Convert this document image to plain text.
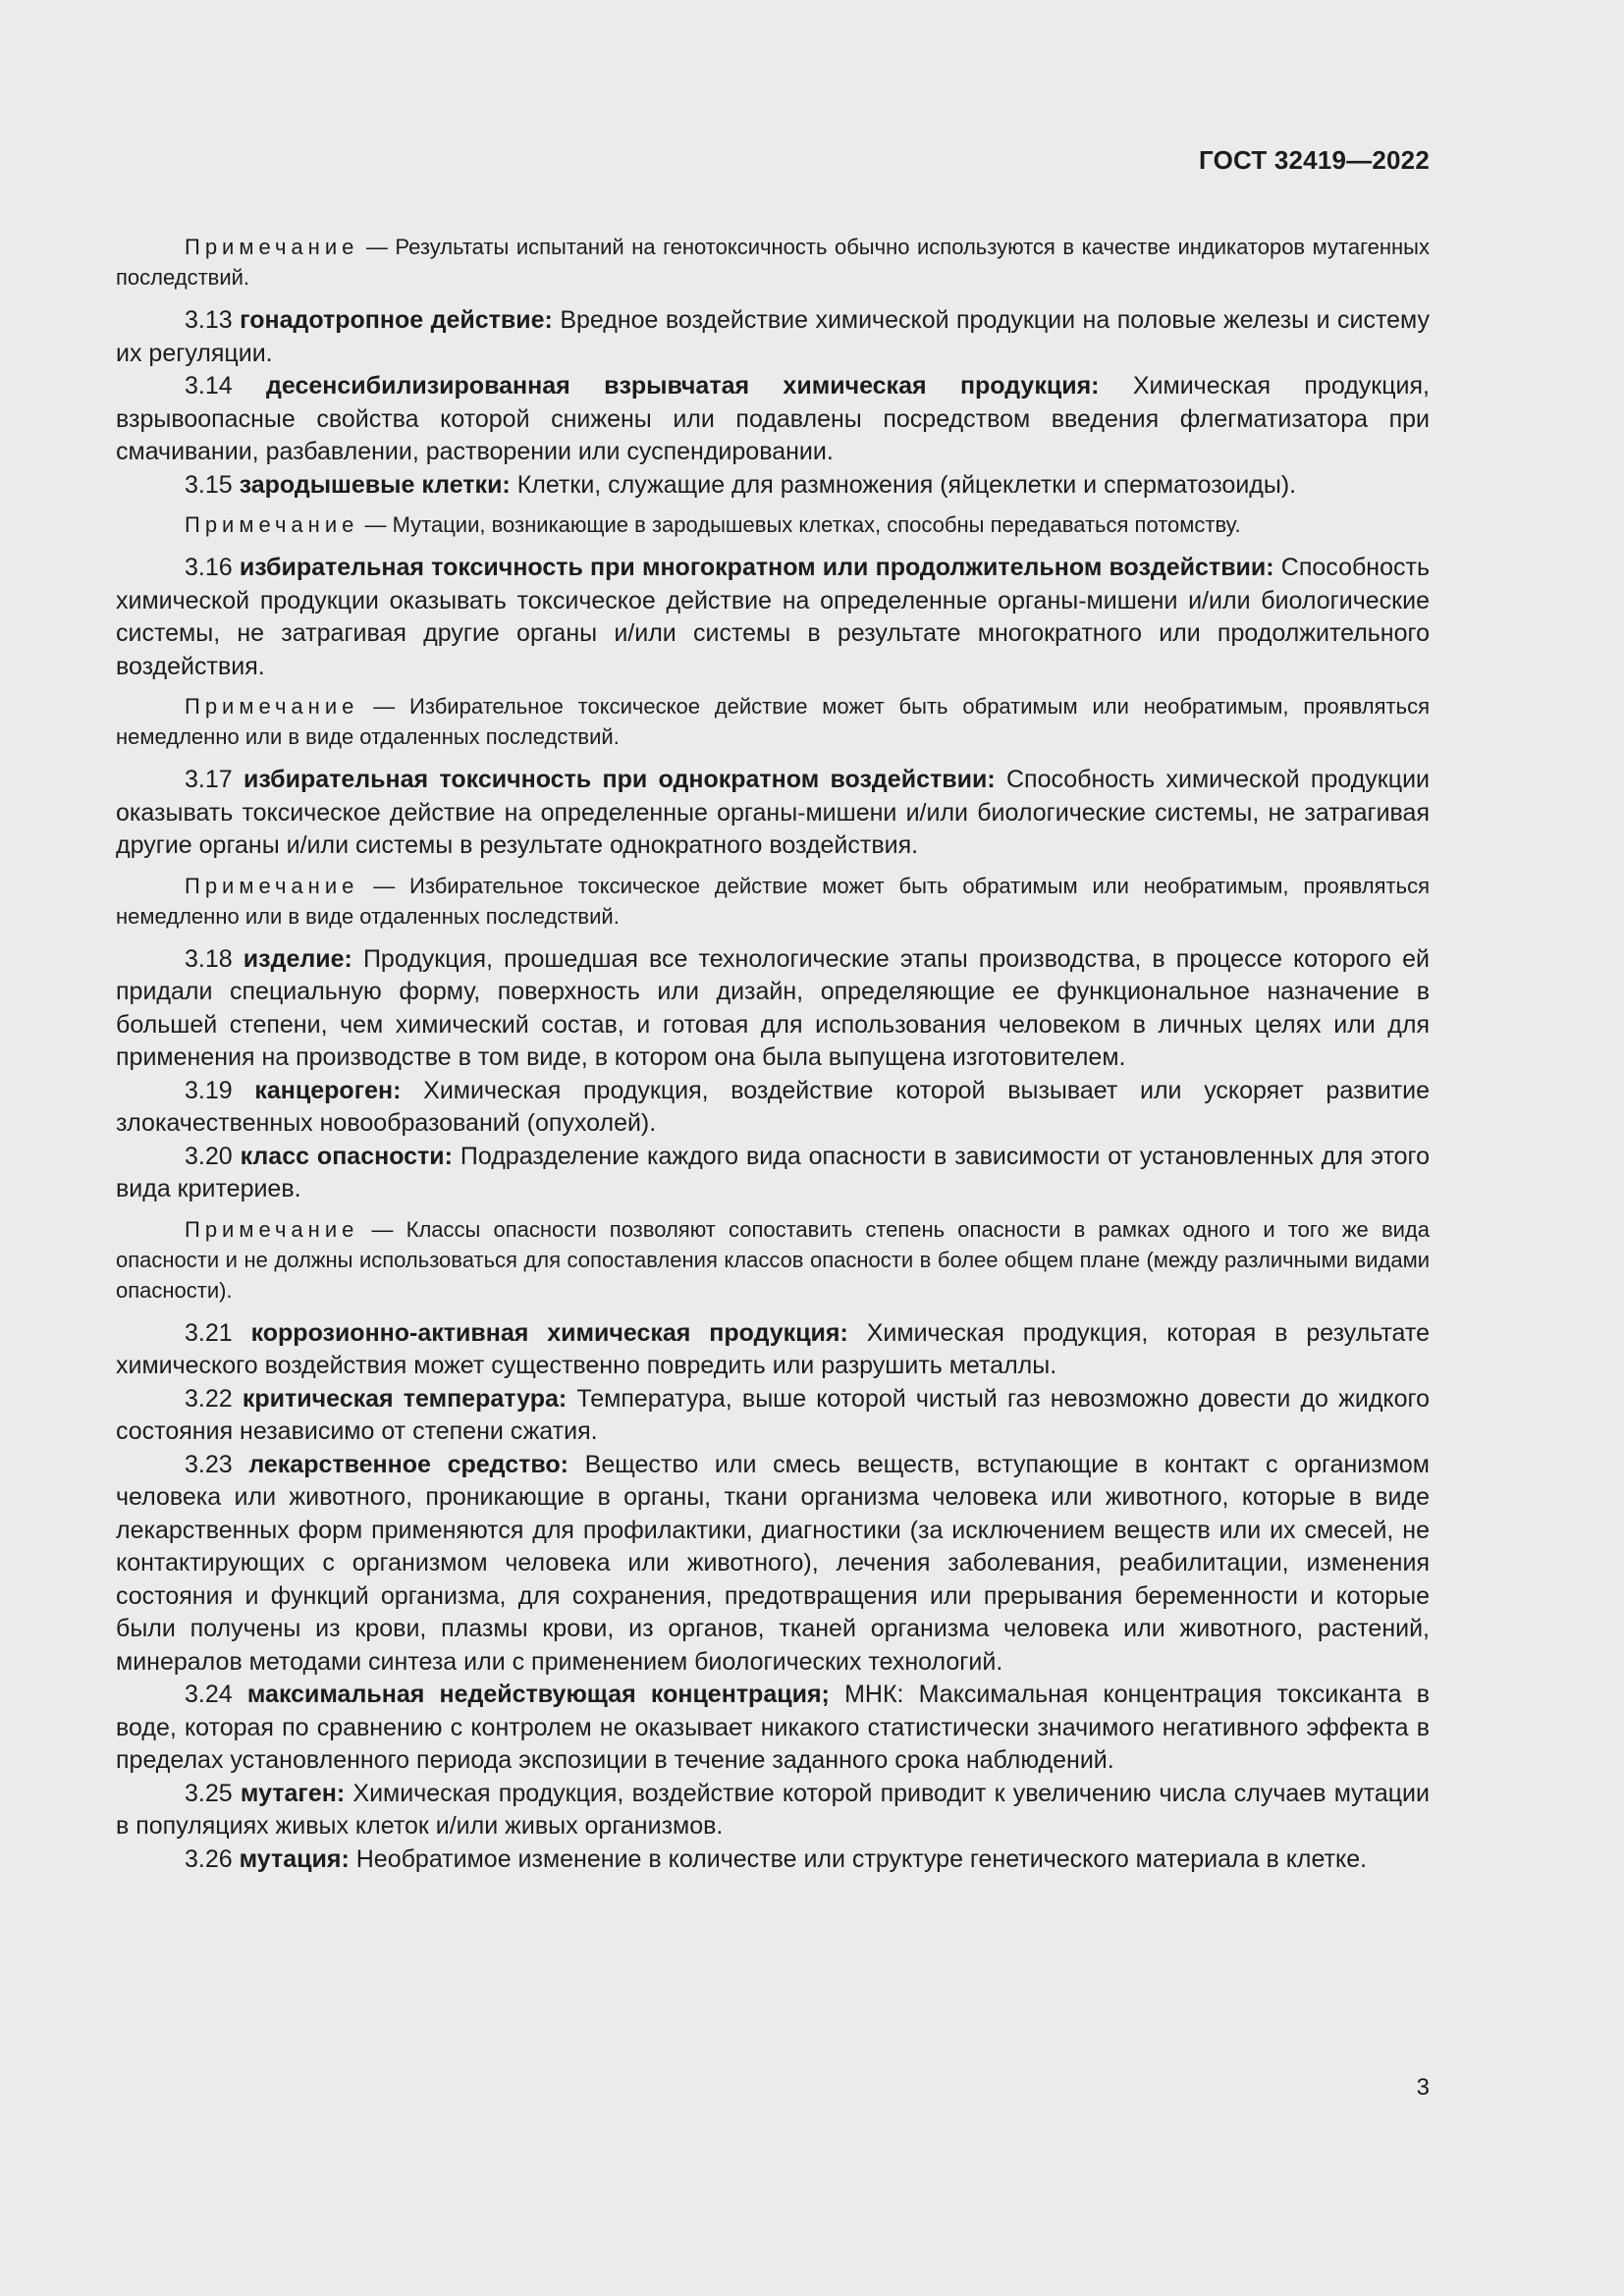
ГОСТ 32419—2022

Примечание — Результаты испытаний на генотоксичность обычно используются в качестве индикаторов мутагенных последствий.

3.13 гонадотропное действие: Вредное воздействие химической продукции на половые железы и систему их регуляции.

3.14 десенсибилизированная взрывчатая химическая продукция: Химическая продукция, взрывоопасные свойства которой снижены или подавлены посредством введения флегматизатора при смачивании, разбавлении, растворении или суспендировании.

3.15 зародышевые клетки: Клетки, служащие для размножения (яйцеклетки и сперматозоиды).

Примечание — Мутации, возникающие в зародышевых клетках, способны передаваться потомству.

3.16 избирательная токсичность при многократном или продолжительном воздействии: Способность химической продукции оказывать токсическое действие на определенные органы-мишени и/или биологические системы, не затрагивая другие органы и/или системы в результате многократного или продолжительного воздействия.

Примечание — Избирательное токсическое действие может быть обратимым или необратимым, проявляться немедленно или в виде отдаленных последствий.

3.17 избирательная токсичность при однократном воздействии: Способность химической продукции оказывать токсическое действие на определенные органы-мишени и/или биологические системы, не затрагивая другие органы и/или системы в результате однократного воздействия.

Примечание — Избирательное токсическое действие может быть обратимым или необратимым, проявляться немедленно или в виде отдаленных последствий.

3.18 изделие: Продукция, прошедшая все технологические этапы производства, в процессе которого ей придали специальную форму, поверхность или дизайн, определяющие ее функциональное назначение в большей степени, чем химический состав, и готовая для использования человеком в личных целях или для применения на производстве в том виде, в котором она была выпущена изготовителем.

3.19 канцероген: Химическая продукция, воздействие которой вызывает или ускоряет развитие злокачественных новообразований (опухолей).

3.20 класс опасности: Подразделение каждого вида опасности в зависимости от установленных для этого вида критериев.

Примечание — Классы опасности позволяют сопоставить степень опасности в рамках одного и того же вида опасности и не должны использоваться для сопоставления классов опасности в более общем плане (между различными видами опасности).

3.21 коррозионно-активная химическая продукция: Химическая продукция, которая в результате химического воздействия может существенно повредить или разрушить металлы.

3.22 критическая температура: Температура, выше которой чистый газ невозможно довести до жидкого состояния независимо от степени сжатия.

3.23 лекарственное средство: Вещество или смесь веществ, вступающие в контакт с организмом человека или животного, проникающие в органы, ткани организма человека или животного, которые в виде лекарственных форм применяются для профилактики, диагностики (за исключением веществ или их смесей, не контактирующих с организмом человека или животного), лечения заболевания, реабилитации, изменения состояния и функций организма, для сохранения, предотвращения или прерывания беременности и которые были получены из крови, плазмы крови, из органов, тканей организма человека или животного, растений, минералов методами синтеза или с применением биологических технологий.

3.24 максимальная недействующая концентрация; МНК: Максимальная концентрация токсиканта в воде, которая по сравнению с контролем не оказывает никакого статистически значимого негативного эффекта в пределах установленного периода экспозиции в течение заданного срока наблюдений.

3.25 мутаген: Химическая продукция, воздействие которой приводит к увеличению числа случаев мутации в популяциях живых клеток и/или живых организмов.

3.26 мутация: Необратимое изменение в количестве или структуре генетического материала в клетке.

3
